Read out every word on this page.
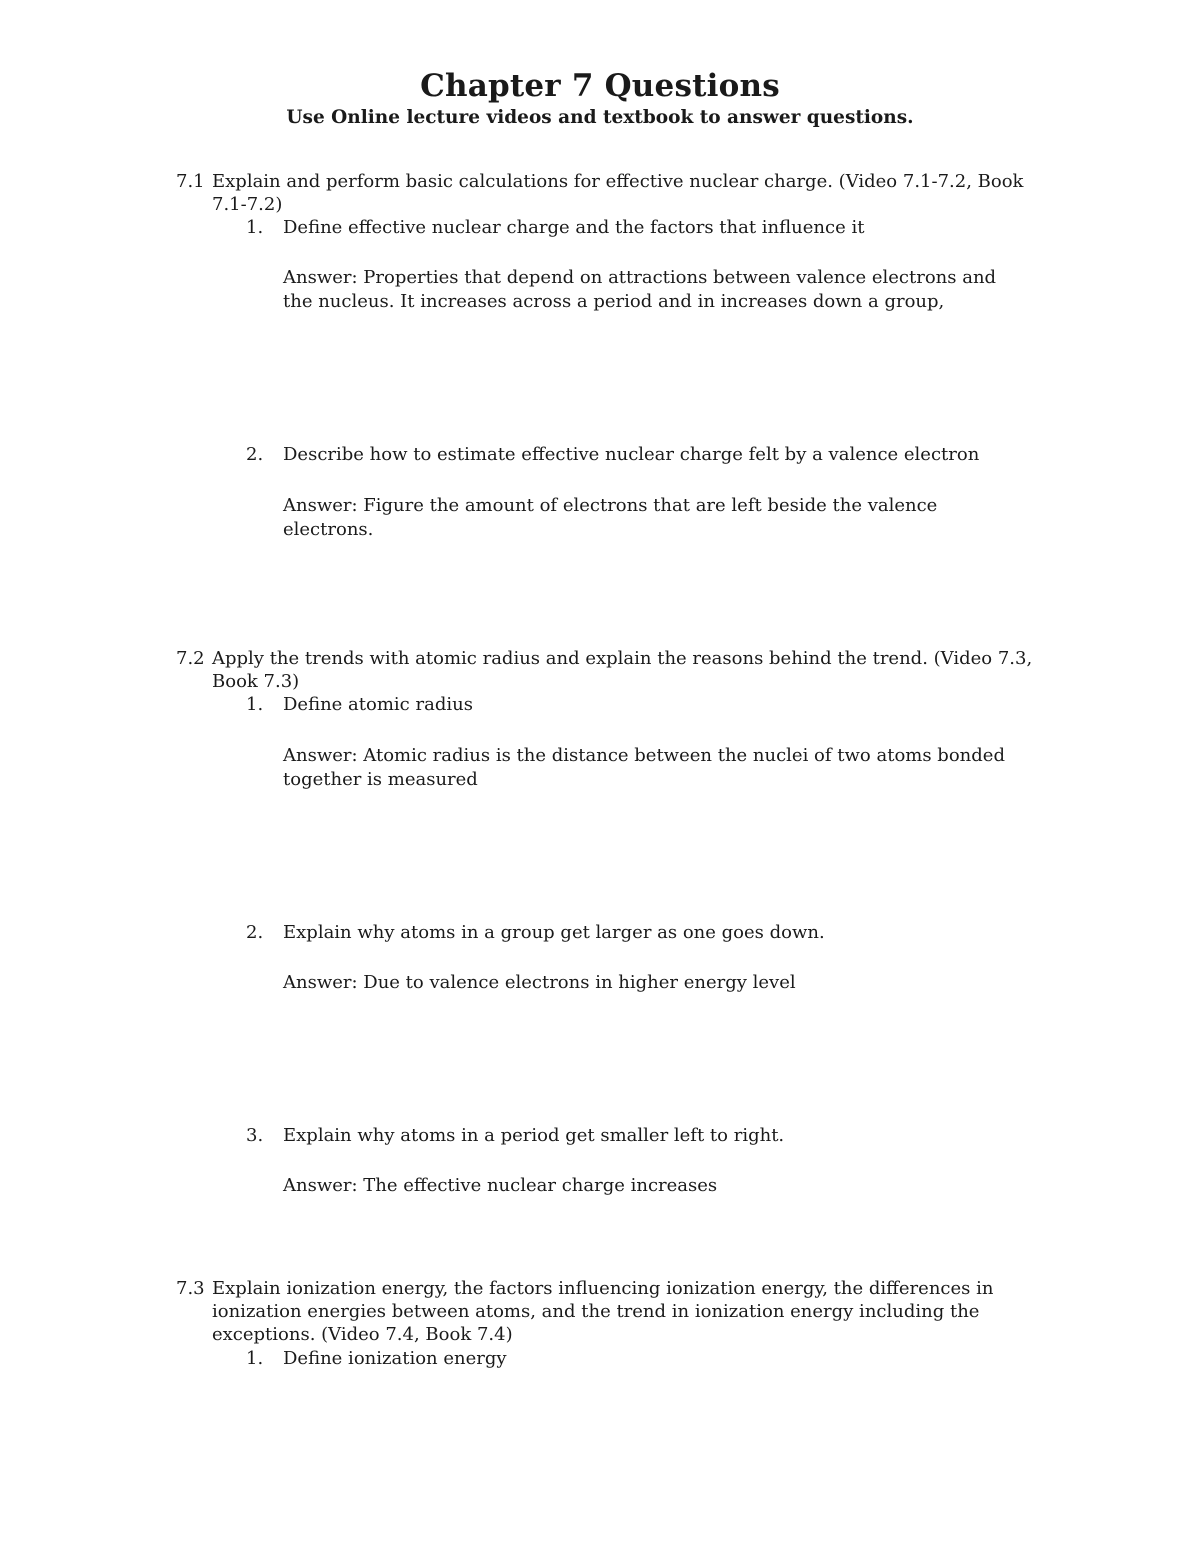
Chapter 7 Questions
Use Online lecture videos and textbook to answer questions.
7.1 Explain and perform basic calculations for effective nuclear charge. (Video 7.1-7.2, Book 7.1-7.2)
1. Define effective nuclear charge and the factors that influence it
Answer: Properties that depend on attractions between valence electrons and the nucleus. It increases across a period and in increases down a group,
2. Describe how to estimate effective nuclear charge felt by a valence electron
Answer: Figure the amount of electrons that are left beside the valence electrons.
7.2 Apply the trends with atomic radius and explain the reasons behind the trend. (Video 7.3, Book 7.3)
1. Define atomic radius
Answer: Atomic radius is the distance between the nuclei of two atoms bonded together is measured
2. Explain why atoms in a group get larger as one goes down.
Answer: Due to valence electrons in higher energy level
3. Explain why atoms in a period get smaller left to right.
Answer: The effective nuclear charge increases
7.3 Explain ionization energy, the factors influencing ionization energy, the differences in ionization energies between atoms, and the trend in ionization energy including the exceptions. (Video 7.4, Book 7.4)
1. Define ionization energy
